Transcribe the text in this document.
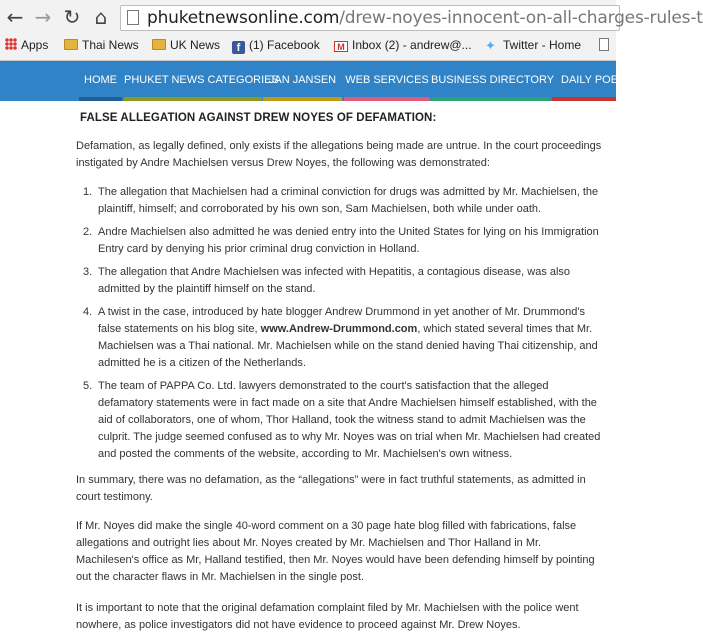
← → ↻ ⌂ phuketnewsonline.com/drew-noyes-innocent-on-all-charges-rules-t
Apps	Thai News	UK News	f (1) Facebook	M Inbox (2) - andrew@... ✦ Twitter - Home
HOME PHUKET NEWS CATEGORIES
JAN JANSEN WEB SERVICES BUSINESS DIRECTORY DAILY POETR
FALSE ALLEGATION AGAINST DREW NOYES OF DEFAMATION:

Defamation, as legally defined, only exists if the allegations being made are untrue. In the court proceedings instigated by Andre Machielsen versus Drew Noyes, the following was demonstrated:

1. The allegation that Machielsen had a criminal conviction for drugs was admitted by Mr. Machielsen, the plaintiff, himself; and corroborated by his own son, Sam Machielsen, both while under oath.
2. Andre Machielsen also admitted he was denied entry into the United States for lying on his Immigration Entry card by denying his prior criminal drug conviction in Holland.
3. The allegation that Andre Machielsen was infected with Hepatitis, a contagious disease, was also admitted by the plaintiff himself on the stand.
4. A twist in the case, introduced by hate blogger Andrew Drummond in yet another of Mr. Drummond's false statements on his blog site, www.Andrew-Drummond.com, which stated several times that Mr. Machielsen was a Thai national. Mr. Machielsen while on the stand denied having Thai citizenship, and admitted he is a citizen of the Netherlands.
5. The team of PAPPA Co. Ltd. lawyers demonstrated to the court's satisfaction that the alleged defamatory statements were in fact made on a site that Andre Machielsen himself established, with the aid of collaborators, one of whom, Thor Halland, took the witness stand to admit Machielsen was the culprit. The judge seemed confused as to why Mr. Noyes was on trial when Mr. Machielsen had created and posted the comments of the website, according to Mr. Machielsen's own witness.

In summary, there was no defamation, as the “allegations” were in fact truthful statements, as admitted in court testimony.

If Mr. Noyes did make the single 40-word comment on a 30 page hate blog filled with fabrications, false allegations and outright lies about Mr. Noyes created by Mr. Machielsen and Thor Halland in Mr. Machilesen's office as Mr, Halland testified, then Mr. Noyes would have been defending himself by pointing out the character flaws in Mr. Machielsen in the single post.

It is important to note that the original defamation complaint filed by Mr. Machielsen with the police went nowhere, as police investigators did not have evidence to proceed against Mr. Drew Noyes.
